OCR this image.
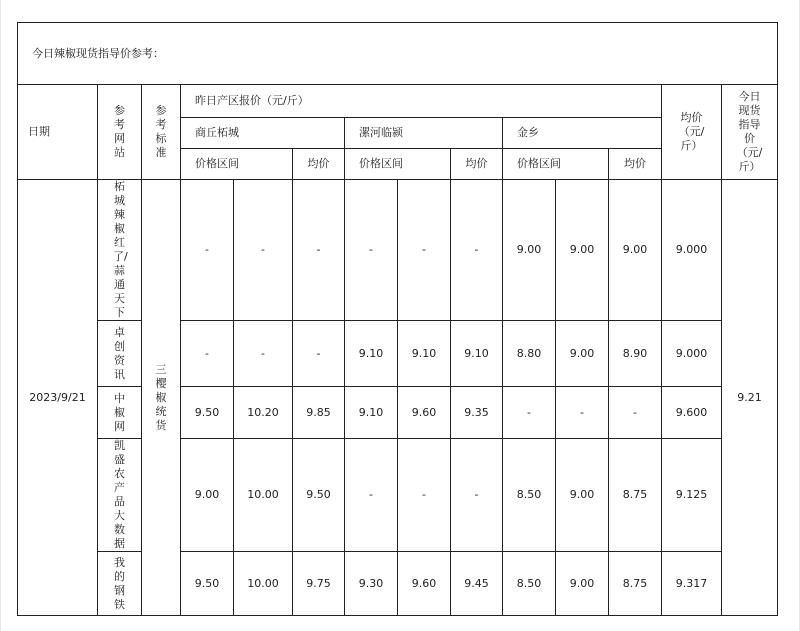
今日辣椒现货指导价参考：													
日期	参考网站	参考标准	昨日产区报价（元/斤）									均价（元/斤）	今日现货指导价（元/斤）
			商丘柘城			漯河临颍			金乡				
			价格区间		均价	价格区间		均价	价格区间		均价		
2023/9/21	柘城辣椒红了/蒜通天下	三樱椒统货	-	-	-	-	-	-	9.00	9.00	9.00	9.000	9.21
	卓创资讯		-	-	-	9.10	9.10	9.10	8.80	9.00	8.90	9.000	
	中椒网		9.50	10.20	9.85	9.10	9.60	9.35	-	-	-	9.600	
	凯盛农产品大数据		9.00	10.00	9.50	-	-	-	8.50	9.00	8.75	9.125	
	我的钢铁		9.50	10.00	9.75	9.30	9.60	9.45	8.50	9.00	8.75	9.317	
